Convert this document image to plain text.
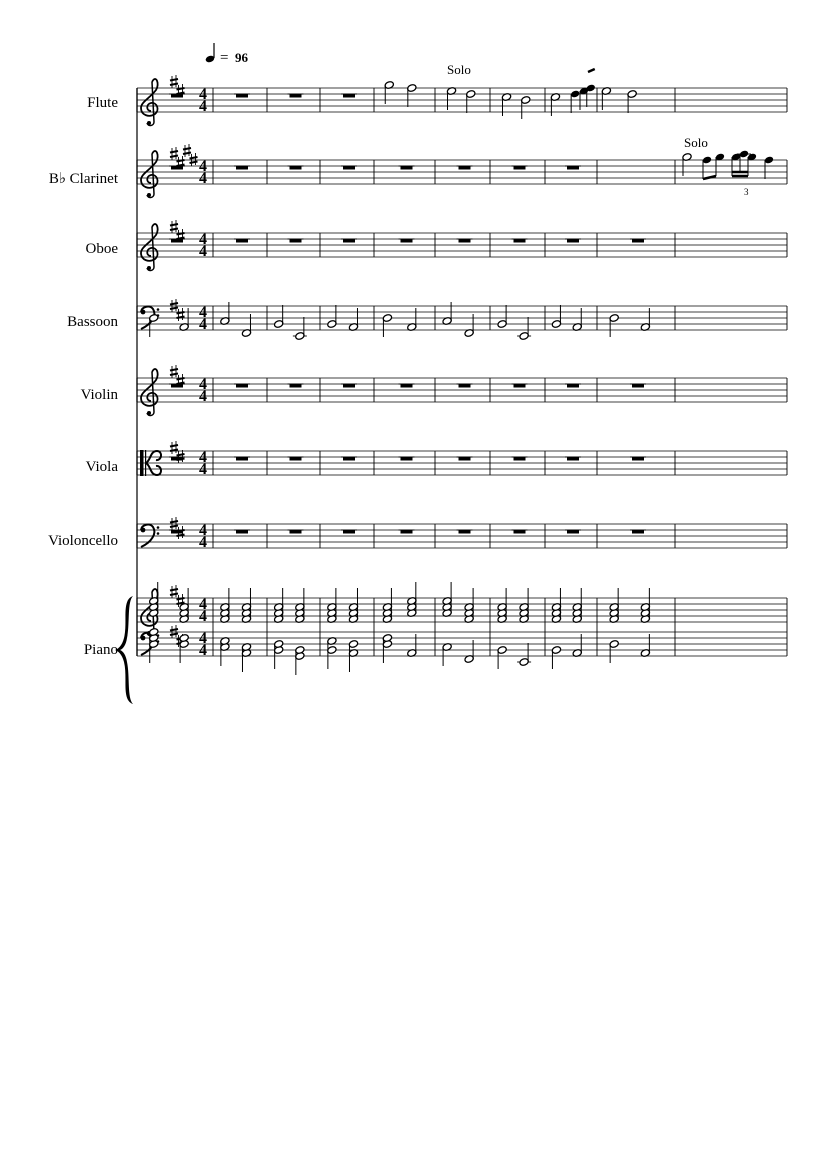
4
4
4
4
4
4
4
4
4
4
4
4
4
4
4
4
4
4
= 96
Flute
B♭ Clarinet
Oboe
Bassoon
Violin
Viola
Violoncello
Piano
Solo
Solo
3
